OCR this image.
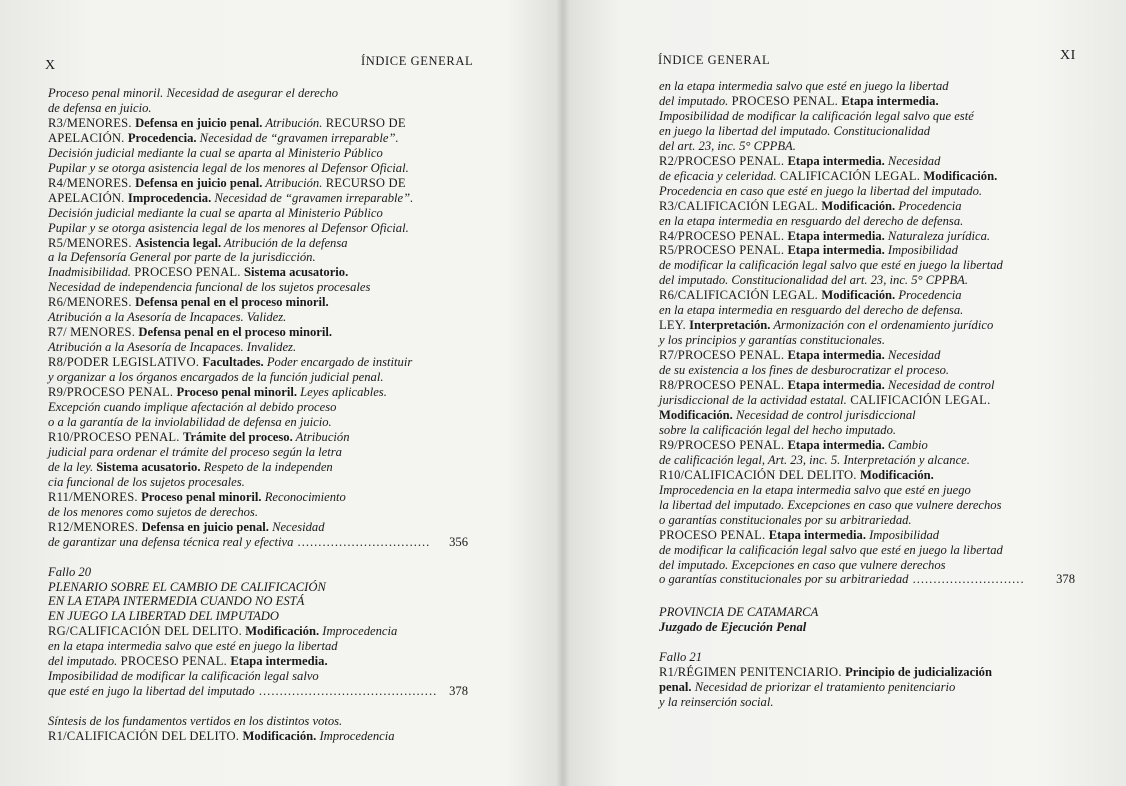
X	ÍNDICE GENERAL
Proceso penal minoril. Necesidad de asegurar el derecho
de defensa en juicio.
R3/MENORES. Defensa en juicio penal. Atribución. RECURSO DE
APELACIÓN. Procedencia. Necesidad de “gravamen irreparable”.
Decisión judicial mediante la cual se aparta al Ministerio Público
Pupilar y se otorga asistencia legal de los menores al Defensor Oficial.
R4/MENORES. Defensa en juicio penal. Atribución. RECURSO DE
APELACIÓN. Improcedencia. Necesidad de “gravamen irreparable”.
Decisión judicial mediante la cual se aparta al Ministerio Público
Pupilar y se otorga asistencia legal de los menores al Defensor Oficial.
R5/MENORES. Asistencia legal. Atribución de la defensa
a la Defensoría General por parte de la jurisdicción.
Inadmisibilidad. PROCESO PENAL. Sistema acusatorio.
Necesidad de independencia funcional de los sujetos procesales
R6/MENORES. Defensa penal en el proceso minoril.
Atribución a la Asesoría de Incapaces. Validez.
R7/ MENORES. Defensa penal en el proceso minoril.
Atribución a la Asesoría de Incapaces. Invalidez.
R8/PODER LEGISLATIVO. Facultades. Poder encargado de instituir
y organizar a los órganos encargados de la función judicial penal.
R9/PROCESO PENAL. Proceso penal minoril. Leyes aplicables.
Excepción cuando implique afectación al debido proceso
o a la garantía de la inviolabilidad de defensa en juicio.
R10/PROCESO PENAL. Trámite del proceso. Atribución
judicial para ordenar el trámite del proceso según la letra
de la ley. Sistema acusatorio. Respeto de la independen
cia funcional de los sujetos procesales.
R11/MENORES. Proceso penal minoril. Reconocimiento
de los menores como sujetos de derechos.
R12/MENORES. Defensa en juicio penal. Necesidad
de garantizar una defensa técnica real y efectiva ................................ 356
Fallo 20
PLENARIO SOBRE EL CAMBIO DE CALIFICACIÓN
EN LA ETAPA INTERMEDIA CUANDO NO ESTÁ
EN JUEGO LA LIBERTAD DEL IMPUTADO
RG/CALIFICACIÓN DEL DELITO. Modificación. Improcedencia
en la etapa intermedia salvo que esté en juego la libertad
del imputado. PROCESO PENAL. Etapa intermedia.
Imposibilidad de modificar la calificación legal salvo
que esté en jugo la libertad del imputado ........................................... 378
Síntesis de los fundamentos vertidos en los distintos votos.
R1/CALIFICACIÓN DEL DELITO. Modificación. Improcedencia
ÍNDICE GENERAL	XI
en la etapa intermedia salvo que esté en juego la libertad
del imputado. PROCESO PENAL. Etapa intermedia.
Imposibilidad de modificar la calificación legal salvo que esté
en juego la libertad del imputado. Constitucionalidad
del art. 23, inc. 5° CPPBA.
R2/PROCESO PENAL. Etapa intermedia. Necesidad
de eficacia y celeridad. CALIFICACIÓN LEGAL. Modificación.
Procedencia en caso que esté en juego la libertad del imputado.
R3/CALIFICACIÓN LEGAL. Modificación. Procedencia
en la etapa intermedia en resguardo del derecho de defensa.
R4/PROCESO PENAL. Etapa intermedia. Naturaleza jurídica.
R5/PROCESO PENAL. Etapa intermedia. Imposibilidad
de modificar la calificación legal salvo que esté en juego la libertad
del imputado. Constitucionalidad del art. 23, inc. 5° CPPBA.
R6/CALIFICACIÓN LEGAL. Modificación. Procedencia
en la etapa intermedia en resguardo del derecho de defensa.
LEY. Interpretación. Armonización con el ordenamiento jurídico
y los principios y garantías constitucionales.
R7/PROCESO PENAL. Etapa intermedia. Necesidad
de su existencia a los fines de desburocratizar el proceso.
R8/PROCESO PENAL. Etapa intermedia. Necesidad de control
jurisdiccional de la actividad estatal. CALIFICACIÓN LEGAL.
Modificación. Necesidad de control jurisdiccional
sobre la calificación legal del hecho imputado.
R9/PROCESO PENAL. Etapa intermedia. Cambio
de calificación legal, Art. 23, inc. 5. Interpretación y alcance.
R10/CALIFICACIÓN DEL DELITO. Modificación.
Improcedencia en la etapa intermedia salvo que esté en juego
la libertad del imputado. Excepciones en caso que vulnere derechos
o garantías constitucionales por su arbitrariedad.
PROCESO PENAL. Etapa intermedia. Imposibilidad
de modificar la calificación legal salvo que esté en juego la libertad
del imputado. Excepciones en caso que vulnere derechos
o garantías constitucionales por su arbitrariedad ...........................	378
PROVINCIA DE CATAMARCA
Juzgado de Ejecución Penal
Fallo 21
R1/RÉGIMEN PENITENCIARIO. Principio de judicialización
penal. Necesidad de priorizar el tratamiento penitenciario
y la reinserción social.
